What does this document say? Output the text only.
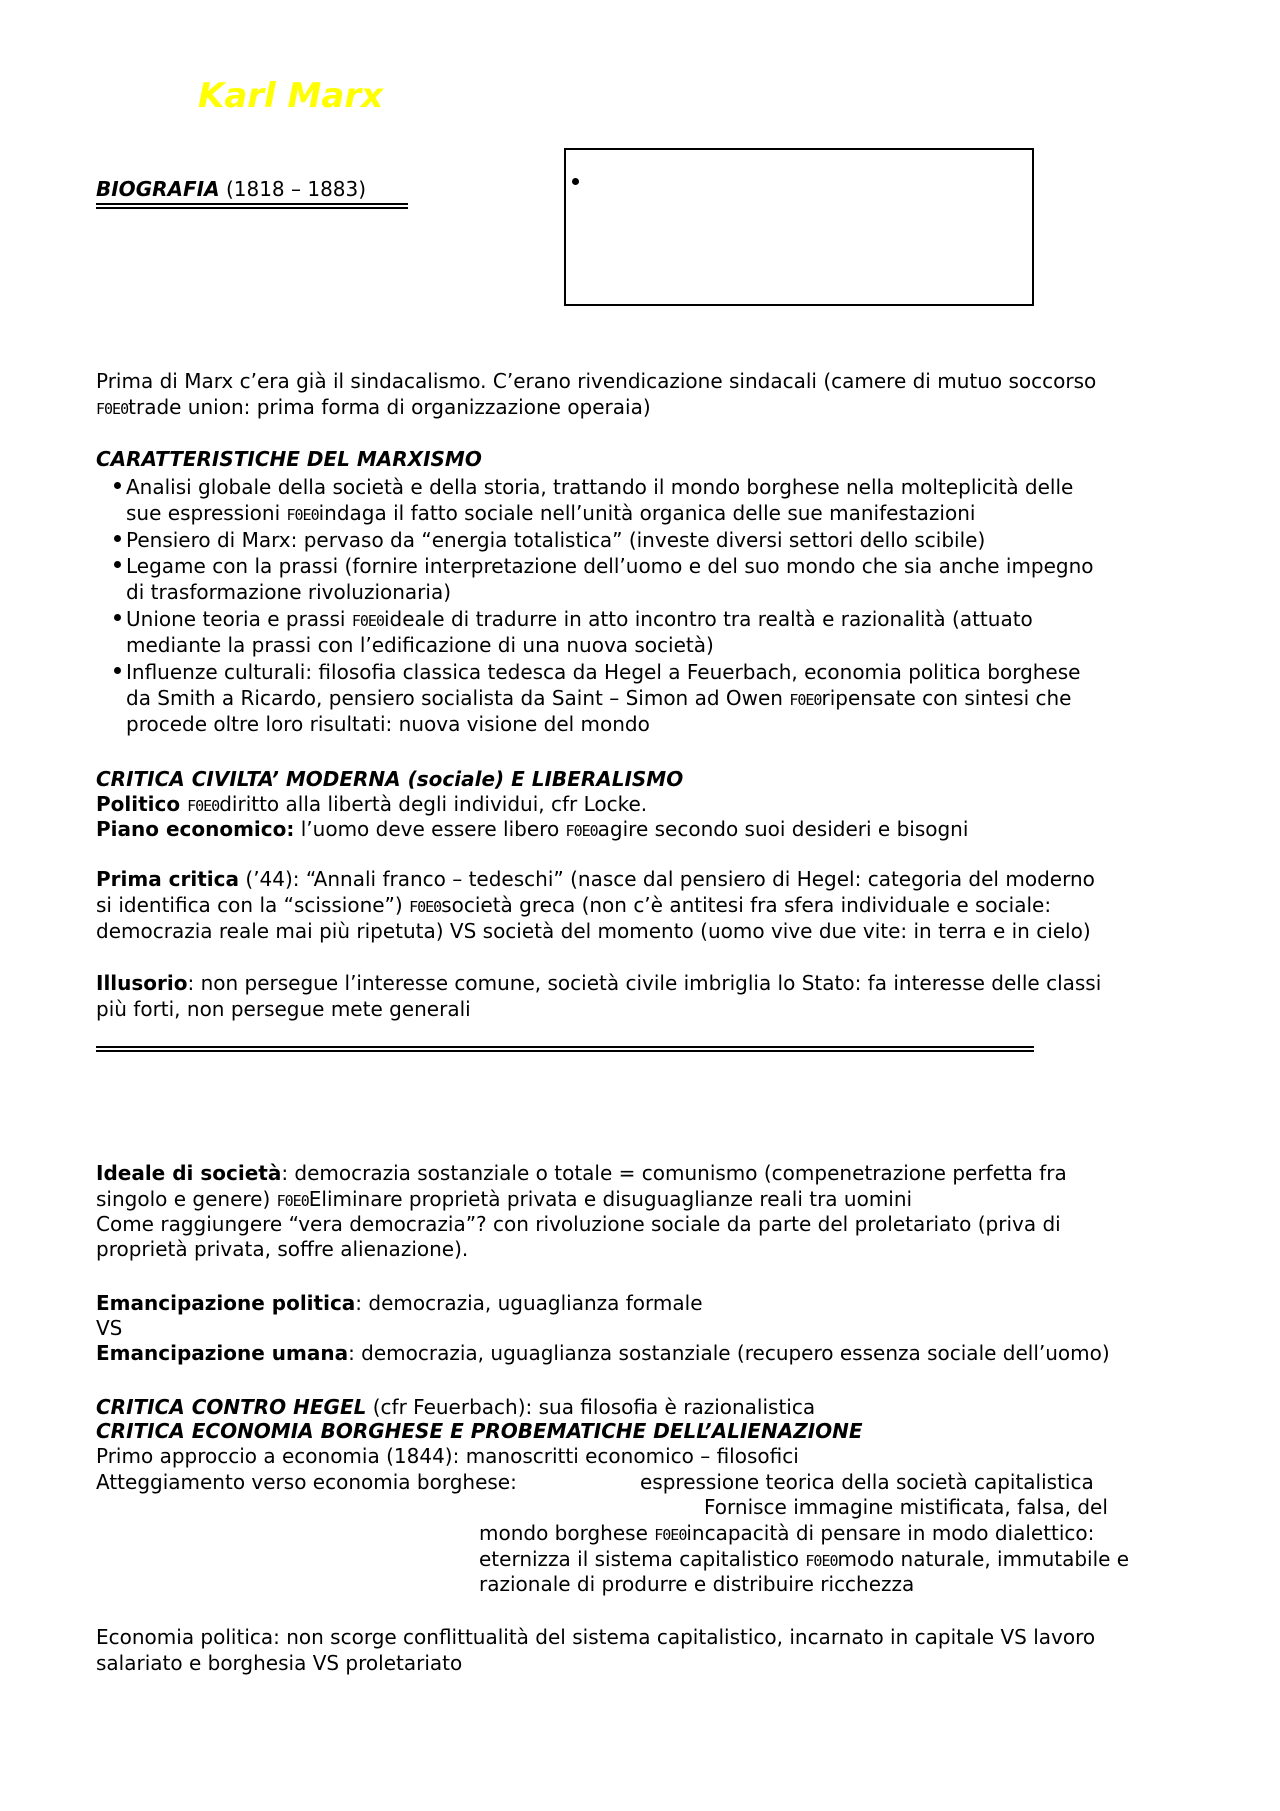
Karl Marx
BIOGRAFIA (1818 – 1883)
Prima di Marx c’era già il sindacalismo. C’erano rivendicazione sindacali (camere di mutuo soccorso
F0E0trade union: prima forma di organizzazione operaia)
CARATTERISTICHE DEL MARXISMO
Analisi globale della società e della storia, trattando il mondo borghese nella molteplicità delle
sue espressioni F0E0indaga il fatto sociale nell’unità organica delle sue manifestazioni
Pensiero di Marx: pervaso da “energia totalistica” (investe diversi settori dello scibile)
Legame con la prassi (fornire interpretazione dell’uomo e del suo mondo che sia anche impegno
di trasformazione rivoluzionaria)
Unione teoria e prassi F0E0ideale di tradurre in atto incontro tra realtà e razionalità (attuato
mediante la prassi con l’edificazione di una nuova società)
Influenze culturali: filosofia classica tedesca da Hegel a Feuerbach, economia politica borghese
da Smith a Ricardo, pensiero socialista da Saint – Simon ad Owen F0E0ripensate con sintesi che
procede oltre loro risultati: nuova visione del mondo
CRITICA CIVILTA’ MODERNA (sociale) E LIBERALISMO
Politico F0E0diritto alla libertà degli individui, cfr Locke.
Piano economico: l’uomo deve essere libero F0E0agire secondo suoi desideri e bisogni
Prima critica (’44): “Annali franco – tedeschi” (nasce dal pensiero di Hegel: categoria del moderno
si identifica con la “scissione”) F0E0società greca (non c’è antitesi fra sfera individuale e sociale:
democrazia reale mai più ripetuta) VS società del momento (uomo vive due vite: in terra e in cielo)
Illusorio: non persegue l’interesse comune, società civile imbriglia lo Stato: fa interesse delle classi
più forti, non persegue mete generali
Ideale di società: democrazia sostanziale o totale = comunismo (compenetrazione perfetta fra
singolo e genere) F0E0Eliminare proprietà privata e disuguaglianze reali tra uomini
Come raggiungere “vera democrazia”? con rivoluzione sociale da parte del proletariato (priva di
proprietà privata, soffre alienazione).
Emancipazione politica: democrazia, uguaglianza formale
VS
Emancipazione umana: democrazia, uguaglianza sostanziale (recupero essenza sociale dell’uomo)
CRITICA CONTRO HEGEL (cfr Feuerbach): sua filosofia è razionalistica
CRITICA ECONOMIA BORGHESE E PROBEMATICHE DELL’ALIENAZIONE
Primo approccio a economia (1844): manoscritti economico – filosofici
Atteggiamento verso economia borghese:	espressione teorica della società capitalistica
Fornisce immagine mistificata, falsa, del
mondo borghese F0E0incapacità di pensare in modo dialettico:
eternizza il sistema capitalistico F0E0modo naturale, immutabile e
razionale di produrre e distribuire ricchezza
Economia politica: non scorge conflittualità del sistema capitalistico, incarnato in capitale VS lavoro
salariato e borghesia VS proletariato
